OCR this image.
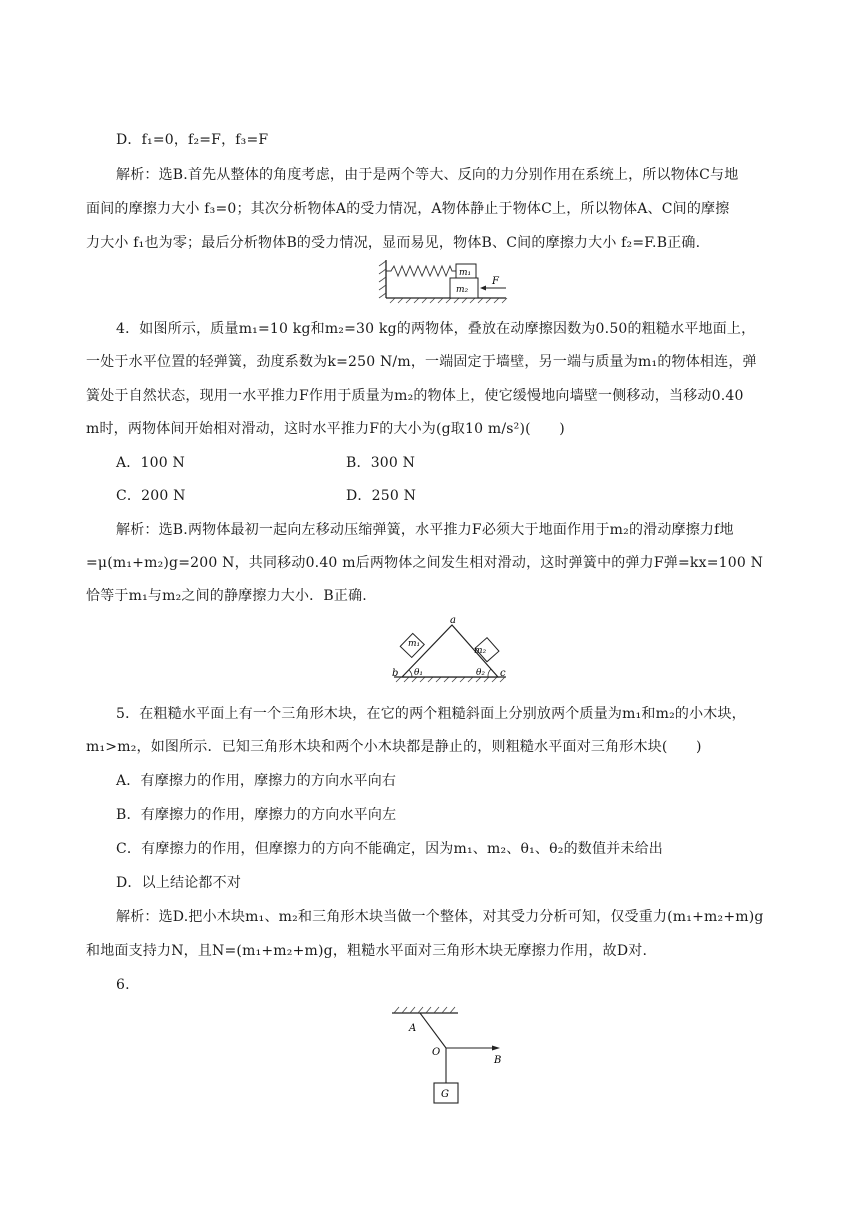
D．f₁=0，f₂=F，f₃=F
解析：选B.首先从整体的角度考虑，由于是两个等大、反向的力分别作用在系统上，所以物体C与地
面间的摩擦力大小 f₃=0；其次分析物体A的受力情况，A物体静止于物体C上，所以物体A、C间的摩擦
力大小 f₁也为零；最后分析物体B的受力情况，显而易见，物体B、C间的摩擦力大小 f₂=F.B正确.
m₁
m₂
F
4．如图所示，质量m₁=10 kg和m₂=30 kg的两物体，叠放在动摩擦因数为0.50的粗糙水平地面上，
一处于水平位置的轻弹簧，劲度系数为k=250 N/m，一端固定于墙壁，另一端与质量为m₁的物体相连，弹
簧处于自然状态，现用一水平推力F作用于质量为m₂的物体上，使它缓慢地向墙壁一侧移动，当移动0.40
m时，两物体间开始相对滑动，这时水平推力F的大小为(g取10 m/s²)(　　)
A．100 N	B．300 N
C．200 N	D．250 N
解析：选B.两物体最初一起向左移动压缩弹簧，水平推力F必须大于地面作用于m₂的滑动摩擦力f地
=μ(m₁+m₂)g=200 N，共同移动0.40 m后两物体之间发生相对滑动，这时弹簧中的弹力F弹=kx=100 N
恰等于m₁与m₂之间的静摩擦力大小．B正确.
m₁
m₂
a
b	c
θ₁	θ₂
5．在粗糙水平面上有一个三角形木块，在它的两个粗糙斜面上分别放两个质量为m₁和m₂的小木块，
m₁>m₂，如图所示．已知三角形木块和两个小木块都是静止的，则粗糙水平面对三角形木块(　　)
A．有摩擦力的作用，摩擦力的方向水平向右
B．有摩擦力的作用，摩擦力的方向水平向左
C．有摩擦力的作用，但摩擦力的方向不能确定，因为m₁、m₂、θ₁、θ₂的数值并未给出
D．以上结论都不对
解析：选D.把小木块m₁、m₂和三角形木块当做一个整体，对其受力分析可知，仅受重力(m₁+m₂+m)g
和地面支持力N，且N=(m₁+m₂+m)g，粗糙水平面对三角形木块无摩擦力作用，故D对.
6.
A
O
B
G
